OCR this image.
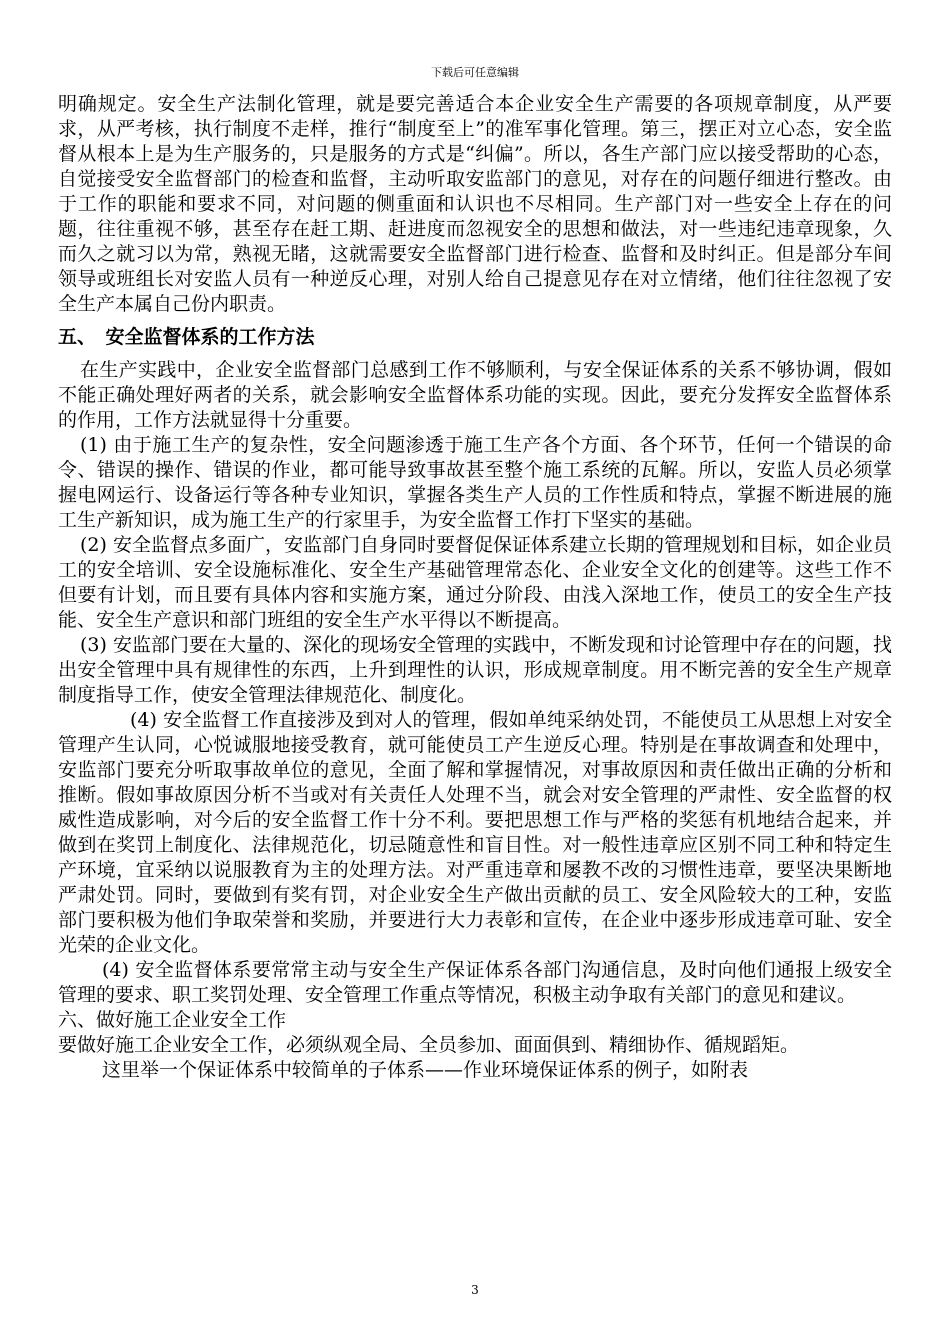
下载后可任意编辑

明确规定。安全生产法制化管理，就是要完善适合本企业安全生产需要的各项规章制度，从严要求，从严考核，执行制度不走样，推行“制度至上”的准军事化管理。第三，摆正对立心态，安全监督从根本上是为生产服务的，只是服务的方式是“纠偏”。所以，各生产部门应以接受帮助的心态，自觉接受安全监督部门的检查和监督，主动听取安监部门的意见，对存在的问题仔细进行整改。由于工作的职能和要求不同，对问题的侧重面和认识也不尽相同。生产部门对一些安全上存在的问题，往往重视不够，甚至存在赶工期、赶进度而忽视安全的思想和做法，对一些违纪违章现象，久而久之就习以为常，熟视无睹，这就需要安全监督部门进行检查、监督和及时纠正。但是部分车间领导或班组长对安监人员有一种逆反心理，对别人给自己提意见存在对立情绪，他们往往忽视了安全生产本属自己份内职责。

五、　安全监督体系的工作方法

在生产实践中，企业安全监督部门总感到工作不够顺利，与安全保证体系的关系不够协调，假如不能正确处理好两者的关系，就会影响安全监督体系功能的实现。因此，要充分发挥安全监督体系的作用，工作方法就显得十分重要。

(1) 由于施工生产的复杂性，安全问题渗透于施工生产各个方面、各个环节，任何一个错误的命令、错误的操作、错误的作业，都可能导致事故甚至整个施工系统的瓦解。所以，安监人员必须掌握电网运行、设备运行等各种专业知识，掌握各类生产人员的工作性质和特点，掌握不断进展的施工生产新知识，成为施工生产的行家里手，为安全监督工作打下坚实的基础。

(2) 安全监督点多面广，安监部门自身同时要督促保证体系建立长期的管理规划和目标，如企业员工的安全培训、安全设施标准化、安全生产基础管理常态化、企业安全文化的创建等。这些工作不但要有计划，而且要有具体内容和实施方案，通过分阶段、由浅入深地工作，使员工的安全生产技能、安全生产意识和部门班组的安全生产水平得以不断提高。

(3) 安监部门要在大量的、深化的现场安全管理的实践中，不断发现和讨论管理中存在的问题，找出安全管理中具有规律性的东西，上升到理性的认识，形成规章制度。用不断完善的安全生产规章制度指导工作，使安全管理法律规范化、制度化。

(4) 安全监督工作直接涉及到对人的管理，假如单纯采纳处罚，不能使员工从思想上对安全管理产生认同，心悦诚服地接受教育，就可能使员工产生逆反心理。特别是在事故调查和处理中，安监部门要充分听取事故单位的意见，全面了解和掌握情况，对事故原因和责任做出正确的分析和推断。假如事故原因分析不当或对有关责任人处理不当，就会对安全管理的严肃性、安全监督的权威性造成影响，对今后的安全监督工作十分不利。要把思想工作与严格的奖惩有机地结合起来，并做到在奖罚上制度化、法律规范化，切忌随意性和盲目性。对一般性违章应区别不同工种和特定生产环境，宜采纳以说服教育为主的处理方法。对严重违章和屡教不改的习惯性违章，要坚决果断地严肃处罚。同时，要做到有奖有罚，对企业安全生产做出贡献的员工、安全风险较大的工种，安监部门要积极为他们争取荣誉和奖励，并要进行大力表彰和宣传，在企业中逐步形成违章可耻、安全光荣的企业文化。

(4) 安全监督体系要常常主动与安全生产保证体系各部门沟通信息，及时向他们通报上级安全管理的要求、职工奖罚处理、安全管理工作重点等情况，积极主动争取有关部门的意见和建议。

六、做好施工企业安全工作

要做好施工企业安全工作，必须纵观全局、全员参加、面面俱到、精细协作、循规蹈矩。

这里举一个保证体系中较简单的子体系——作业环境保证体系的例子，如附表

3
